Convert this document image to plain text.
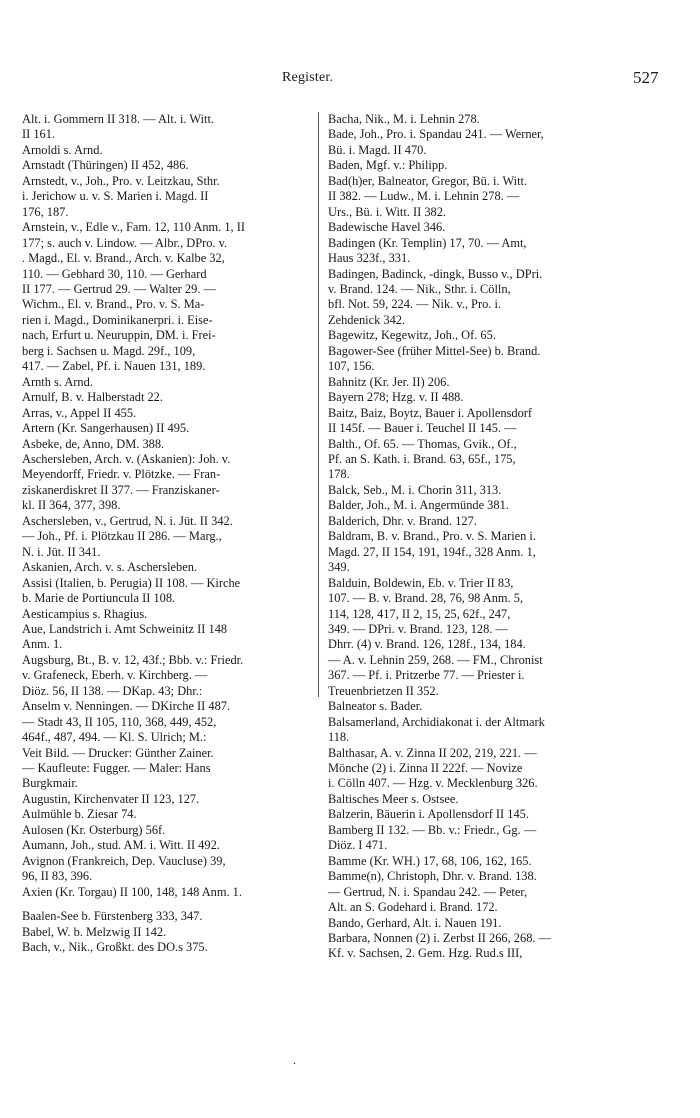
Register.	527
Alt. i. Gommern II 318. — Alt. i. Witt.
II 161.
Arnoldi s. Arnd.
Arnstadt (Thüringen) II 452, 486.
Arnstedt, v., Joh., Pro. v. Leitzkau, Sthr.
i. Jerichow u. v. S. Marien i. Magd. II
176, 187.
Arnstein, v., Edle v., Fam. 12, 110 Anm. 1, II
177; s. auch v. Lindow. — Albr., DPro. v.
. Magd., El. v. Brand., Arch. v. Kalbe 32,
110. — Gebhard 30, 110. — Gerhard
II 177. — Gertrud 29. — Walter 29. —
Wichm., El. v. Brand., Pro. v. S. Ma-
rien i. Magd., Dominikanerpri. i. Eise-
nach, Erfurt u. Neuruppin, DM. i. Frei-
berg i. Sachsen u. Magd. 29f., 109,
417. — Zabel, Pf. i. Nauen 131, 189.
Arnth s. Arnd.
Arnulf, B. v. Halberstadt 22.
Arras, v., Appel II 455.
Artern (Kr. Sangerhausen) II 495.
Asbeke, de, Anno, DM. 388.
Aschersleben, Arch. v. (Askanien): Joh. v.
Meyendorff, Friedr. v. Plötzke. — Fran-
ziskanerdiskret II 377. — Franziskaner-
kl. II 364, 377, 398.
Aschersleben, v., Gertrud, N. i. Jüt. II 342.
— Joh., Pf. i. Plötzkau II 286. — Marg.,
N. i. Jüt. II 341.
Askanien, Arch. v. s. Aschersleben.
Assisi (Italien, b. Perugia) II 108. — Kirche
b. Marie de Portiuncula II 108.
Aesticampius s. Rhagius.
Aue, Landstrich i. Amt Schweinitz II 148
Anm. 1.
Augsburg, Bt., B. v. 12, 43f.; Bbb. v.: Friedr.
v. Grafeneck, Eberh. v. Kirchberg. —
Diöz. 56, II 138. — DKap. 43; Dhr.:
Anselm v. Nenningen. — DKirche II 487.
— Stadt 43, II 105, 110, 368, 449, 452,
464f., 487, 494. — Kl. S. Ulrich; M.:
Veit Bild. — Drucker: Günther Zainer.
— Kaufleute: Fugger. — Maler: Hans
Burgkmair.
Augustin, Kirchenvater II 123, 127.
Aulmühle b. Ziesar 74.
Aulosen (Kr. Osterburg) 56f.
Aumann, Joh., stud. AM. i. Witt. II 492.
Avignon (Frankreich, Dep. Vaucluse) 39,
96, II 83, 396.
Axien (Kr. Torgau) II 100, 148, 148 Anm. 1.
Baalen-See b. Fürstenberg 333, 347.
Babel, W. b. Melzwig II 142.
Bach, v., Nik., Großkt. des DO.s 375.
Bacha, Nik., M. i. Lehnin 278.
Bade, Joh., Pro. i. Spandau 241. — Werner,
Bü. i. Magd. II 470.
Baden, Mgf. v.: Philipp.
Bad(h)er, Balneator, Gregor, Bü. i. Witt.
II 382. — Ludw., M. i. Lehnin 278. —
Urs., Bü. i. Witt. II 382.
Badewische Havel 346.
Badingen (Kr. Templin) 17, 70. — Amt,
Haus 323f., 331.
Badingen, Badinck, -dingk, Busso v., DPri.
v. Brand. 124. — Nik., Sthr. i. Cölln,
bfl. Not. 59, 224. — Nik. v., Pro. i.
Zehdenick 342.
Bagewitz, Kegewitz, Joh., Of. 65.
Bagower-See (früher Mittel-See) b. Brand.
107, 156.
Bahnitz (Kr. Jer. II) 206.
Bayern 278; Hzg. v. II 488.
Baitz, Baiz, Boytz, Bauer i. Apollensdorf
II 145f. — Bauer i. Teuchel II 145. —
Balth., Of. 65. — Thomas, Gvik., Of.,
Pf. an S. Kath. i. Brand. 63, 65f., 175,
178.
Balck, Seb., M. i. Chorin 311, 313.
Balder, Joh., M. i. Angermünde 381.
Balderich, Dhr. v. Brand. 127.
Baldram, B. v. Brand., Pro. v. S. Marien i.
Magd. 27, II 154, 191, 194f., 328 Anm. 1,
349.
Balduin, Boldewin, Eb. v. Trier II 83,
107. — B. v. Brand. 28, 76, 98 Anm. 5,
114, 128, 417, II 2, 15, 25, 62f., 247,
349. — DPri. v. Brand. 123, 128. —
Dhrr. (4) v. Brand. 126, 128f., 134, 184.
— A. v. Lehnin 259, 268. — FM., Chronist
367. — Pf. i. Pritzerbe 77. — Priester i.
Treuenbrietzen II 352.
Balneator s. Bader.
Balsamerland, Archidiakonat i. der Altmark
118.
Balthasar, A. v. Zinna II 202, 219, 221. —
Mönche (2) i. Zinna II 222f. — Novize
i. Cölln 407. — Hzg. v. Mecklenburg 326.
Baltisches Meer s. Ostsee.
Balzerin, Bäuerin i. Apollensdorf II 145.
Bamberg II 132. — Bb. v.: Friedr., Gg. —
Diöz. I 471.
Bamme (Kr. WH.) 17, 68, 106, 162, 165.
Bamme(n), Christoph, Dhr. v. Brand. 138.
— Gertrud, N. i. Spandau 242. — Peter,
Alt. an S. Godehard i. Brand. 172.
Bando, Gerhard, Alt. i. Nauen 191.
Barbara, Nonnen (2) i. Zerbst II 266, 268. —
Kf. v. Sachsen, 2. Gem. Hzg. Rud.s III,
.
